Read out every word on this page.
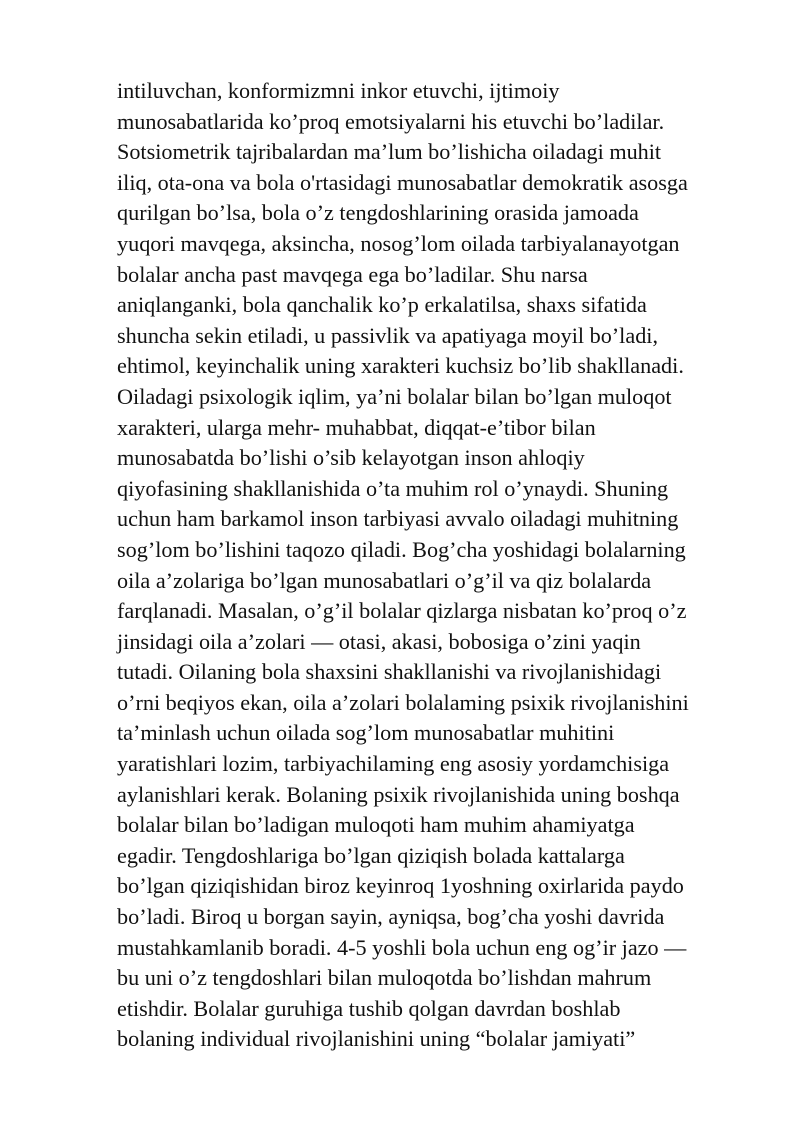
intiluvchan, konformizmni inkor etuvchi, ijtimoiy
munosabatlarida ko’proq emotsiyalarni his etuvchi bo’ladilar.
Sotsiometrik tajribalardan ma’lum bo’lishicha oiladagi muhit
iliq, ota-ona va bola o'rtasidagi munosabatlar demokratik asosga
qurilgan bo’lsa, bola o’z tengdoshlarining orasida jamoada
yuqori mavqega, aksincha, nosog’lom oilada tarbiyalanayotgan
bolalar ancha past mavqega ega bo’ladilar. Shu narsa
aniqlanganki, bola qanchalik ko’p erkalatilsa, shaxs sifatida
shuncha sekin etiladi, u passivlik va apatiyaga moyil bo’ladi,
ehtimol, keyinchalik uning xarakteri kuchsiz bo’lib shakllanadi.
Oiladagi psixologik iqlim, ya’ni bolalar bilan bo’lgan muloqot
xarakteri, ularga mehr- muhabbat, diqqat-e’tibor bilan
munosabatda bo’lishi o’sib kelayotgan inson ahloqiy
qiyofasining shakllanishida o’ta muhim rol o’ynaydi. Shuning
uchun ham barkamol inson tarbiyasi avvalo oiladagi muhitning
sog’lom bo’lishini taqozo qiladi. Bog’cha yoshidagi bolalarning
oila a’zolariga bo’lgan munosabatlari o’g’il va qiz bolalarda
farqlanadi. Masalan, o’g’il bolalar qizlarga nisbatan ko’proq o’z
jinsidagi oila a’zolari — otasi, akasi, bobosiga o’zini yaqin
tutadi. Oilaning bola shaxsini shakllanishi va rivojlanishidagi
o’rni beqiyos ekan, oila a’zolari bolalaming psixik rivojlanishini
ta’minlash uchun oilada sog’lom munosabatlar muhitini
yaratishlari lozim, tarbiyachilaming eng asosiy yordamchisiga
aylanishlari kerak. Bolaning psixik rivojlanishida uning boshqa
bolalar bilan bo’ladigan muloqoti ham muhim ahamiyatga
egadir. Tengdoshlariga bo’lgan qiziqish bolada kattalarga
bo’lgan qiziqishidan biroz keyinroq 1yoshning oxirlarida paydo
bo’ladi. Biroq u borgan sayin, ayniqsa, bog’cha yoshi davrida
mustahkamlanib boradi. 4-5 yoshli bola uchun eng og’ir jazo —
bu uni o’z tengdoshlari bilan muloqotda bo’lishdan mahrum
etishdir. Bolalar guruhiga tushib qolgan davrdan boshlab
bolaning individual rivojlanishini uning “bolalar jamiyati”
